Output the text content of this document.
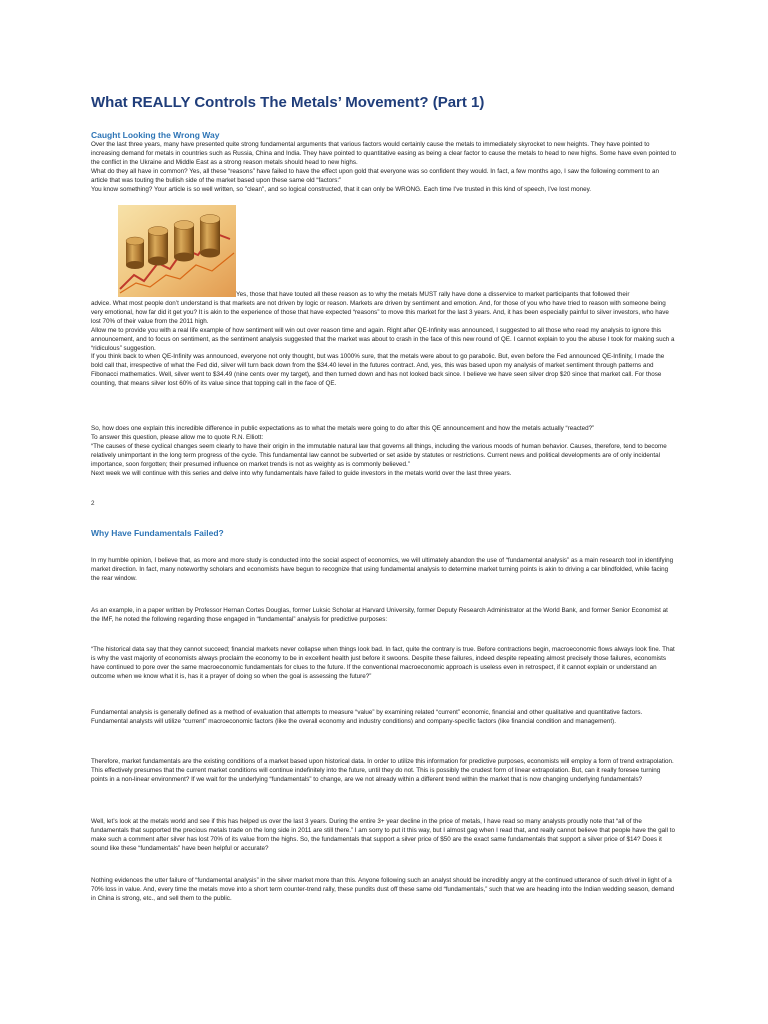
What REALLY Controls The Metals’ Movement? (Part 1)
Caught Looking the Wrong Way

Over the last three years, many have presented quite strong fundamental arguments that various factors would certainly cause the metals to immediately skyrocket to new heights. They have pointed to increasing demand for metals in countries such as Russia, China and India. They have pointed to quantitative easing as being a clear factor to cause the metals to head to new highs. Some have even pointed to the conflict in the Ukraine and Middle East as a strong reason metals should head to new highs.

What do they all have in common? Yes, all these “reasons” have failed to have the effect upon gold that everyone was so confident they would. In fact, a few months ago, I saw the following comment to an article that was touting the bullish side of the market based upon these same old “factors:”

You know something? Your article is so well written, so "clean", and so logical constructed, that it can only be WRONG. Each time I've trusted in this kind of speech, I've lost money.

Yes, those that have touted all these reason as to why the metals MUST rally have done a disservice to market participants that followed their

advice. What most people don’t understand is that markets are not driven by logic or reason. Markets are driven by sentiment and emotion. And, for those of you who have tried to reason with someone being very emotional, how far did it get you? It is akin to the experience of those that have expected “reasons” to move this market for the last 3 years. And, it has been especially painful to silver investors, who have lost 70% of their value from the 2011 high.

Allow me to provide you with a real life example of how sentiment will win out over reason time and again. Right after QE-Infinity was announced, I suggested to all those who read my analysis to ignore this announcement, and to focus on sentiment, as the sentiment analysis suggested that the market was about to crash in the face of this new round of QE. I cannot explain to you the abuse I took for making such a “ridiculous” suggestion.

If you think back to when QE-Infinity was announced, everyone not only thought, but was 1000% sure, that the metals were about to go parabolic. But, even before the Fed announced QE-Infinity, I made the bold call that, irrespective of what the Fed did, silver will turn back down from the $34.40 level in the futures contract. And, yes, this was based upon my analysis of market sentiment through patterns and Fibonacci mathematics. Well, silver went to $34.49 (nine cents over my target), and then turned down and has not looked back since. I believe we have seen silver drop $20 since that market call. For those counting, that means silver lost 60% of its value since that topping call in the face of QE.

So, how does one explain this incredible difference in public expectations as to what the metals were going to do after this QE announcement and how the metals actually “reacted?”

To answer this question, please allow me to quote R.N. Elliott:

“The causes of these cyclical changes seem clearly to have their origin in the immutable natural law that governs all things, including the various moods of human behavior. Causes, therefore, tend to become relatively unimportant in the long term progress of the cycle. This fundamental law cannot be subverted or set aside by statutes or restrictions. Current news and political developments are of only incidental importance, soon forgotten; their presumed influence on market trends is not as weighty as is commonly believed.”

Next week we will continue with this series and delve into why fundamentals have failed to guide investors in the metals world over the last three years.

2
Why Have Fundamentals Failed?
In my humble opinion, I believe that, as more and more study is conducted into the social aspect of economics, we will ultimately abandon the use of “fundamental analysis” as a main research tool in identifying market direction. In fact, many noteworthy scholars and economists have begun to recognize that using fundamental analysis to determine market turning points is akin to driving a car blindfolded, while facing the rear window.
As an example, in a paper written by Professor Hernan Cortes Douglas, former Luksic Scholar at Harvard University, former Deputy Research Administrator at the World Bank, and former Senior Economist at the IMF, he noted the following regarding those engaged in “fundamental” analysis for predictive purposes:
“The historical data say that they cannot succeed; financial markets never collapse when things look bad. In fact, quite the contrary is true. Before contractions begin, macroeconomic flows always look fine. That is why the vast majority of economists always proclaim the economy to be in excellent health just before it swoons. Despite these failures, indeed despite repeating almost precisely those failures, economists have continued to pore over the same macroeconomic fundamentals for clues to the future. If the conventional macroeconomic approach is useless even in retrospect, if it cannot explain or understand an outcome when we know what it is, has it a prayer of doing so when the goal is assessing the future?”
Fundamental analysis is generally defined as a method of evaluation that attempts to measure “value” by examining related “current” economic, financial and other qualitative and quantitative factors. Fundamental analysts will utilize “current” macroeconomic factors (like the overall economy and industry conditions) and company-specific factors (like financial condition and management).
Therefore, market fundamentals are the existing conditions of a market based upon historical data. In order to utilize this information for predictive purposes, economists will employ a form of trend extrapolation. This effectively presumes that the current market conditions will continue indefinitely into the future, until they do not. This is possibly the crudest form of linear extrapolation. But, can it really foresee turning points in a non-linear environment? If we wait for the underlying “fundamentals” to change, are we not already within a different trend within the market that is now changing underlying fundamentals?
Well, let’s look at the metals world and see if this has helped us over the last 3 years. During the entire 3+ year decline in the price of metals, I have read so many analysts proudly note that “all of the fundamentals that supported the precious metals trade on the long side in 2011 are still there.” I am sorry to put it this way, but I almost gag when I read that, and really cannot believe that people have the gall to make such a comment after silver has lost 70% of its value from the highs. So, the fundamentals that support a silver price of $50 are the exact same fundamentals that support a silver price of $14? Does it sound like these “fundamentals” have been helpful or accurate?
Nothing evidences the utter failure of “fundamental analysis” in the silver market more than this. Anyone following such an analyst should be incredibly angry at the continued utterance of such drivel in light of a 70% loss in value. And, every time the metals move into a short term counter-trend rally, these pundits dust off these same old “fundamentals,” such that we are heading into the Indian wedding season, demand in China is strong, etc., and sell them to the public.
